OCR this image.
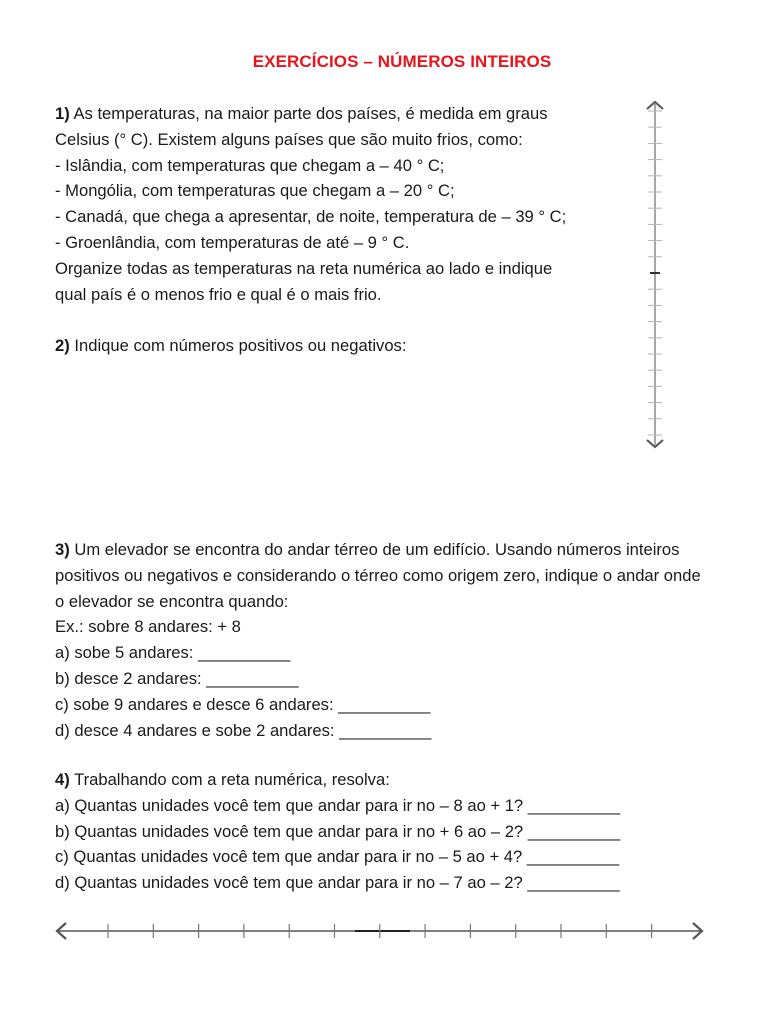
EXERCÍCIOS – NÚMEROS INTEIROS

1) As temperaturas, na maior parte dos países, é medida em graus

Celsius (° C). Existem alguns países que são muito frios, como:

- Islândia, com temperaturas que chegam a – 40 ° C;

- Mongólia, com temperaturas que chegam a – 20 ° C;

- Canadá, que chega a apresentar, de noite, temperatura de – 39 ° C;

- Groenlândia, com temperaturas de até – 9 ° C.

Organize todas as temperaturas na reta numérica ao lado e indique

qual país é o menos frio e qual é o mais frio.

2) Indique com números positivos ou negativos:

3) Um elevador se encontra do andar térreo de um edifício. Usando números inteiros

positivos ou negativos e considerando o térreo como origem zero, indique o andar onde

o elevador se encontra quando:

Ex.: sobre 8 andares: + 8

a) sobe 5 andares: __________

b) desce 2 andares: __________

c) sobe 9 andares e desce 6 andares: __________

d) desce 4 andares e sobe 2 andares: __________

4) Trabalhando com a reta numérica, resolva:

a) Quantas unidades você tem que andar para ir no – 8 ao + 1? __________

b) Quantas unidades você tem que andar para ir no + 6 ao – 2? __________

c) Quantas unidades você tem que andar para ir no – 5 ao + 4? __________

d) Quantas unidades você tem que andar para ir no – 7 ao – 2? __________
